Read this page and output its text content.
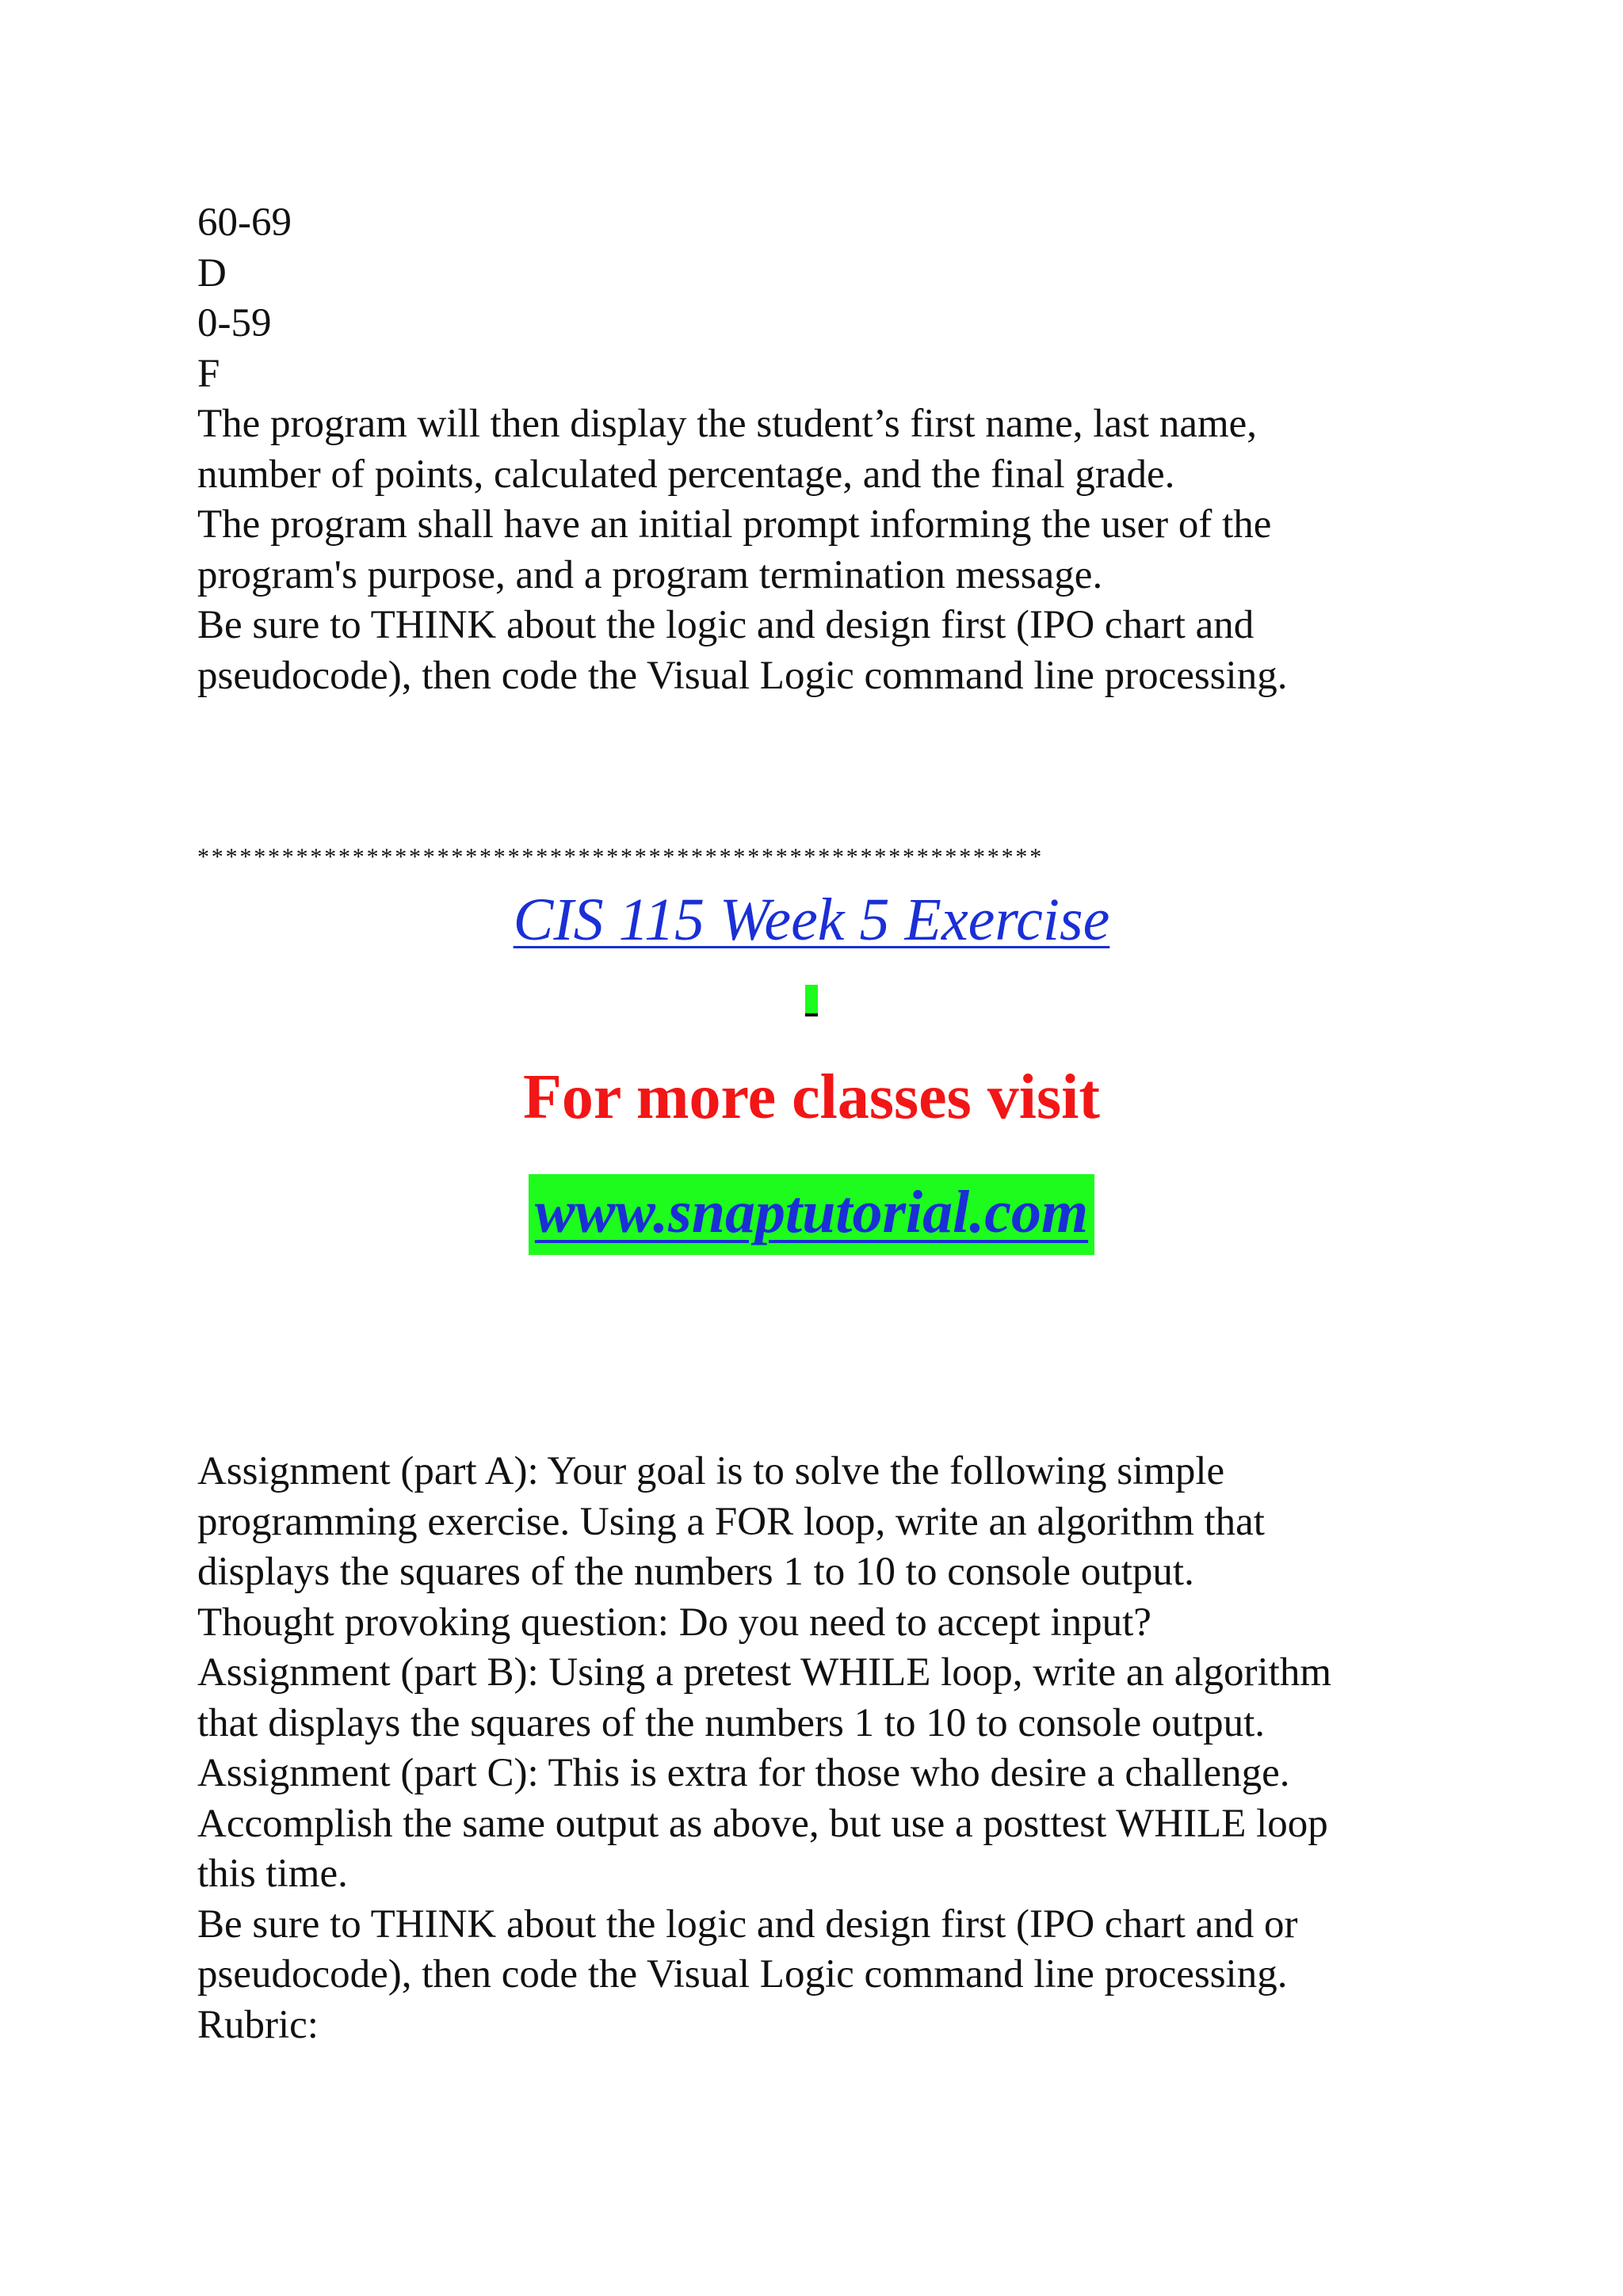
60-69
D
0-59
F
The program will then display the student’s first name, last name,
number of points, calculated percentage, and the final grade.
The program shall have an initial prompt informing the user of the
program's purpose, and a program termination message.
Be sure to THINK about the logic and design first (IPO chart and
pseudocode), then code the Visual Logic command line processing.
************************************************************
CIS 115 Week 5 Exercise
For more classes visit
www.snaptutorial.com
Assignment (part A): Your goal is to solve the following simple
programming exercise. Using a FOR loop, write an algorithm that
displays the squares of the numbers 1 to 10 to console output.
Thought provoking question: Do you need to accept input?
Assignment (part B): Using a pretest WHILE loop, write an algorithm
that displays the squares of the numbers 1 to 10 to console output.
Assignment (part C): This is extra for those who desire a challenge.
Accomplish the same output as above, but use a posttest WHILE loop
this time.
Be sure to THINK about the logic and design first (IPO chart and or
pseudocode), then code the Visual Logic command line processing.
Rubric:
